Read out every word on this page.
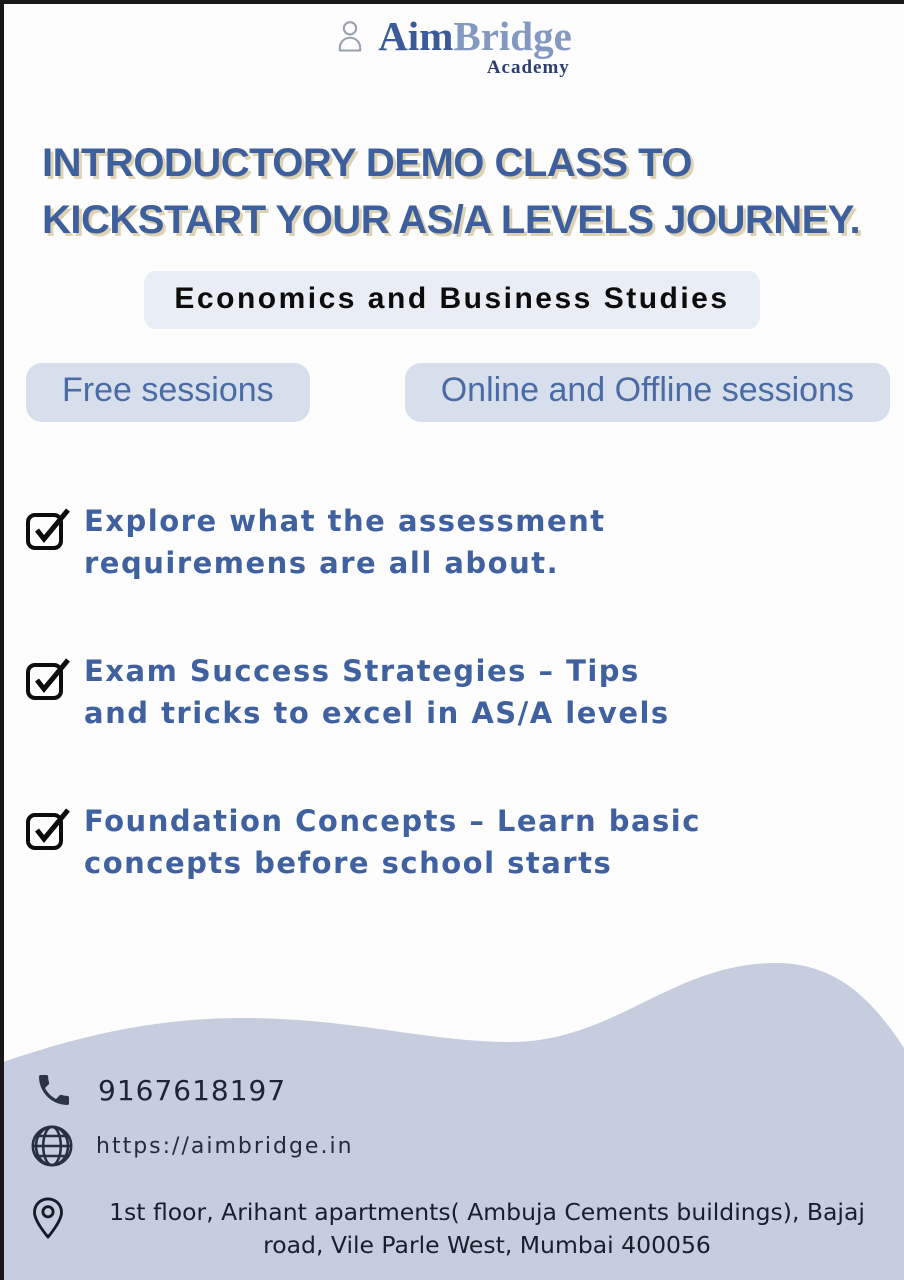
AimBridge
Academy
INTRODUCTORY DEMO CLASS TO KICKSTART YOUR AS/A LEVELS JOURNEY.
Economics and Business Studies
Free sessions	Online and Offline sessions

Explore what the assessment requiremens are all about.

Exam Success Strategies – Tips and tricks to excel in AS/A levels

Foundation Concepts – Learn basic concepts before school starts

9167618197
https://aimbridge.in

1st floor, Arihant apartments( Ambuja Cements buildings), Bajaj road, Vile Parle West, Mumbai 400056
